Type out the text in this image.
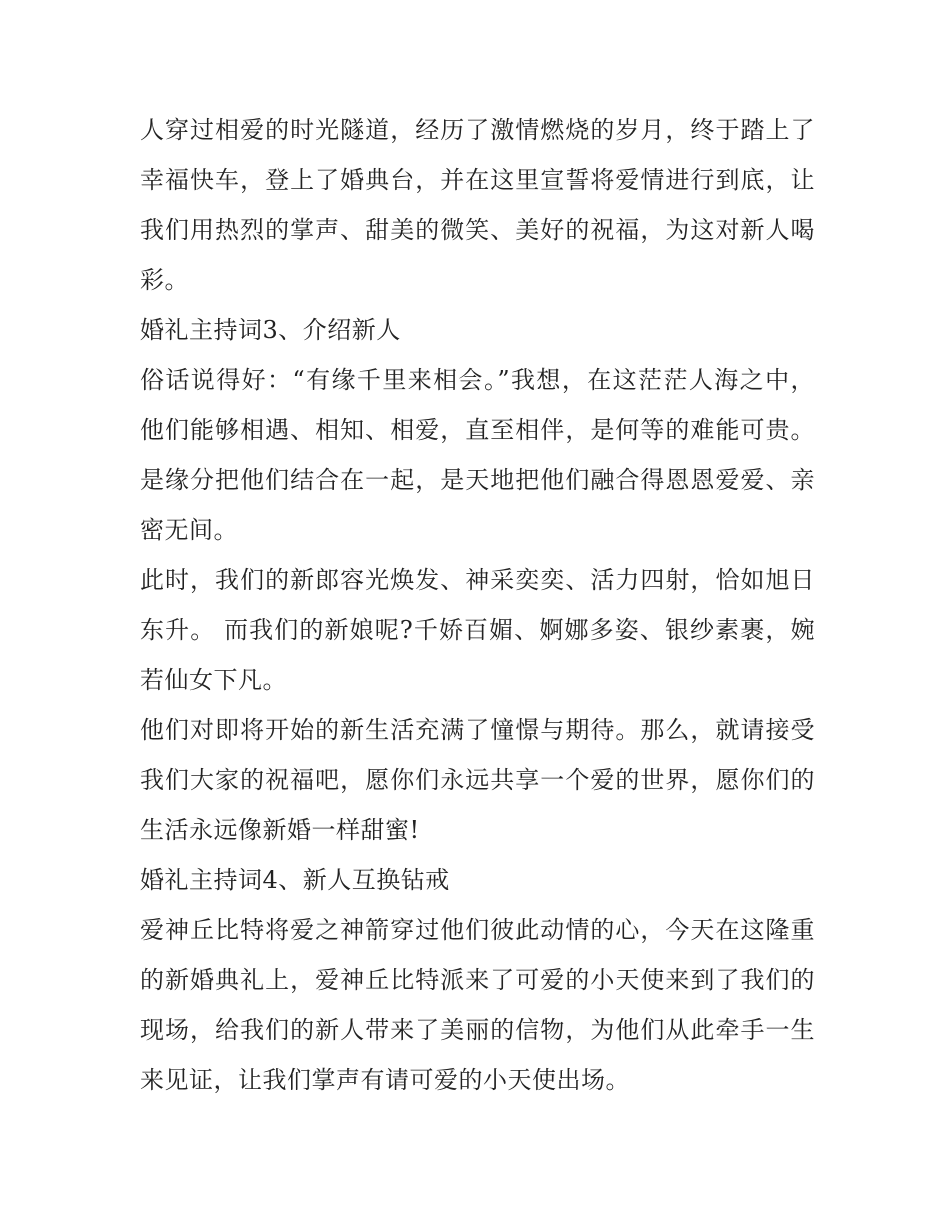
人穿过相爱的时光隧道，经历了激情燃烧的岁月，终于踏上了幸福快车，登上了婚典台，并在这里宣誓将爱情进行到底，让我们用热烈的掌声、甜美的微笑、美好的祝福，为这对新人喝彩。

婚礼主持词3、介绍新人

俗话说得好：“有缘千里来相会。”我想，在这茫茫人海之中，他们能够相遇、相知、相爱，直至相伴，是何等的难能可贵。是缘分把他们结合在一起，是天地把他们融合得恩恩爱爱、亲密无间。

此时，我们的新郎容光焕发、神采奕奕、活力四射，恰如旭日东升。 而我们的新娘呢?千娇百媚、婀娜多姿、银纱素裹，婉若仙女下凡。

他们对即将开始的新生活充满了憧憬与期待。那么，就请接受我们大家的祝福吧，愿你们永远共享一个爱的世界，愿你们的生活永远像新婚一样甜蜜!

婚礼主持词4、新人互换钻戒

爱神丘比特将爱之神箭穿过他们彼此动情的心，今天在这隆重的新婚典礼上，爱神丘比特派来了可爱的小天使来到了我们的现场，给我们的新人带来了美丽的信物，为他们从此牵手一生来见证，让我们掌声有请可爱的小天使出场。
